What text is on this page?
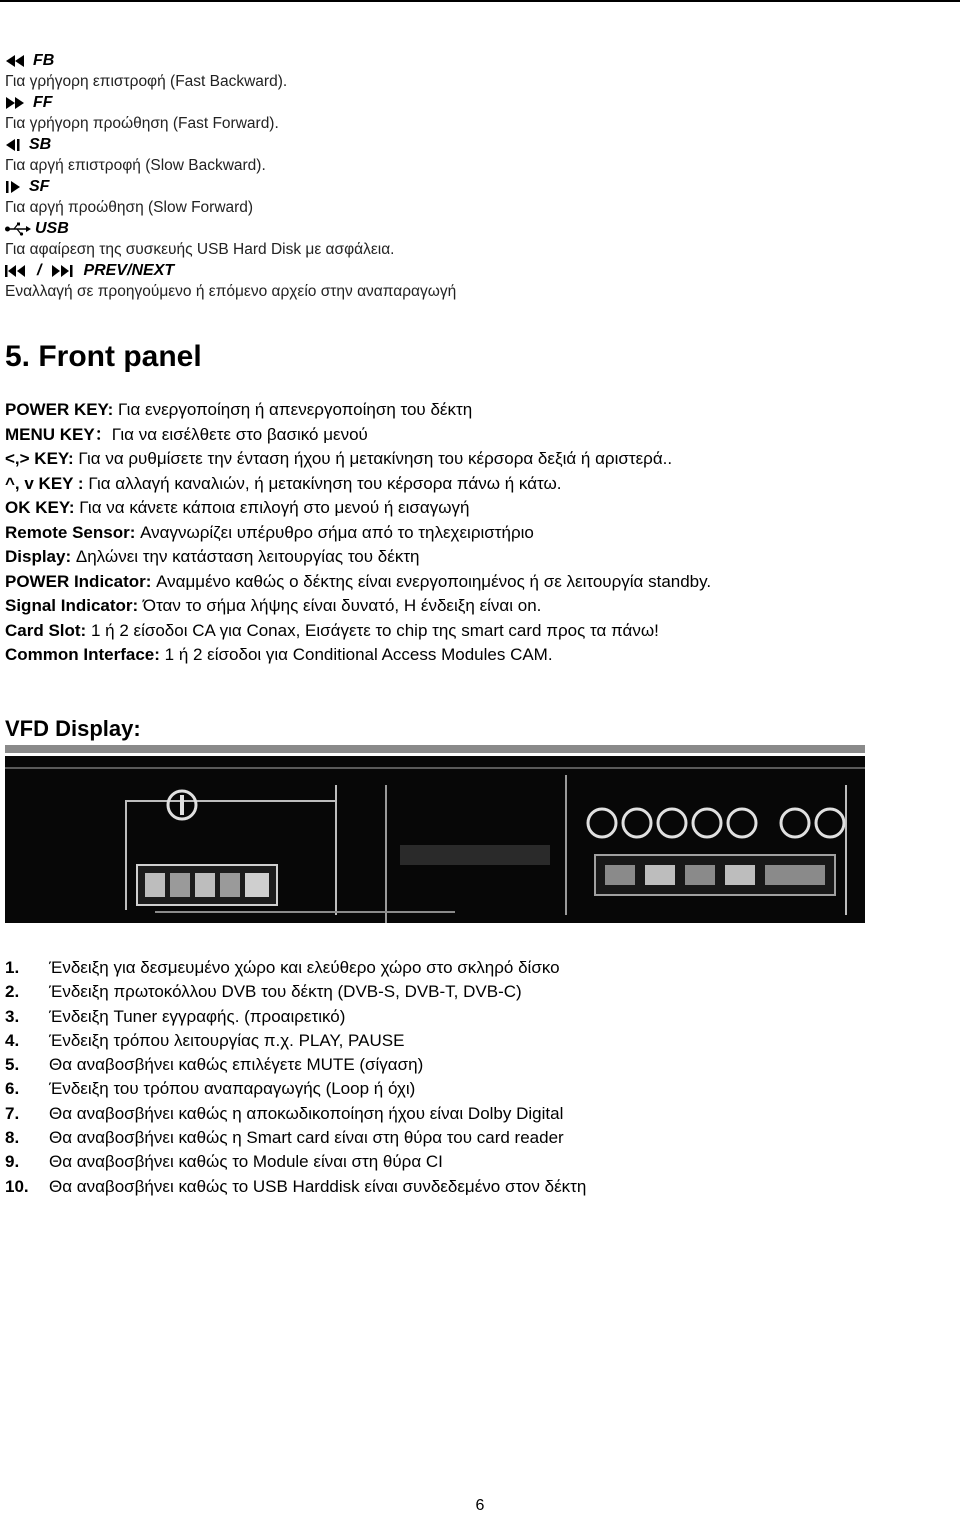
FB
Για γρήγορη επιστροφή (Fast Backward).
FF
Για γρήγορη προώθηση (Fast Forward).
SB
Για αργή επιστροφή (Slow Backward).
SF
Για αργή προώθηση (Slow Forward)
USB
Για αφαίρεση της συσκευής USB Hard Disk με ασφάλεια.
/	PREV/NEXT
Εναλλαγή σε προηγούμενο ή επόμενο αρχείο στην αναπαραγωγή
5. Front panel
POWER KEY: Για ενεργοποίηση ή απενεργοποίηση του δέκτη
MENU KEY：Για να εισέλθετε στο βασικό μενού
<,> KEY: Για να ρυθμίσετε την ένταση ήχου ή μετακίνηση του κέρσορα δεξιά ή αριστερά..
^, v KEY : Για αλλαγή καναλιών, ή μετακίνηση του κέρσορα πάνω ή κάτω.
OK KEY: Για να κάνετε κάποια επιλογή στο μενού ή εισαγωγή
Remote Sensor: Αναγνωρίζει υπέρυθρο σήμα από το τηλεχειριστήριο
Display: Δηλώνει την κατάσταση λειτουργίας του δέκτη
POWER Indicator: Αναμμένο καθώς ο δέκτης είναι ενεργοποιημένος ή σε λειτουργία standby.
Signal Indicator: Όταν το σήμα λήψης είναι δυνατό, Η ένδειξη είναι on.
Card Slot: 1 ή 2 είσοδοι CA για Conax, Εισάγετε το chip της smart card προς τα πάνω!
Common Interface: 1 ή 2 είσοδοι για Conditional Access Modules CAM.
VFD Display:
1.	Ένδειξη για δεσμευμένο χώρο και ελεύθερο χώρο στο σκληρό δίσκο
2.	Ένδειξη πρωτοκόλλου DVB του δέκτη (DVB-S, DVB-T, DVB-C)
3.	Ένδειξη Tuner εγγραφής. (προαιρετικό)
4.	Ένδειξη τρόπου λειτουργίας π.χ. PLAY, PAUSE
5.	Θα αναβοσβήνει καθώς επιλέγετε MUTE (σίγαση)
6.	Ένδειξη του τρόπου αναπαραγωγής (Loop ή όχι)
7.	Θα αναβοσβήνει καθώς η αποκωδικοποίηση ήχου είναι Dolby Digital
8.	Θα αναβοσβήνει καθώς η Smart card είναι στη θύρα του card reader
9.	Θα αναβοσβήνει καθώς το Module είναι στη θύρα CI
10.	Θα αναβοσβήνει καθώς το USB Harddisk είναι συνδεδεμένο στον δέκτη
6
